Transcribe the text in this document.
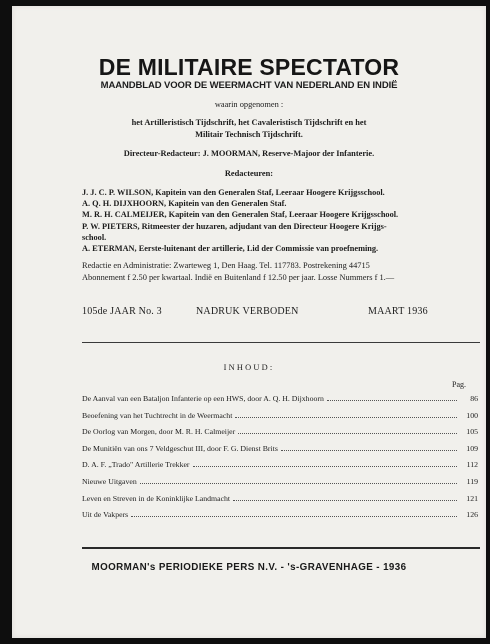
DE MILITAIRE SPECTATOR
MAANDBLAD VOOR DE WEERMACHT VAN NEDERLAND EN INDIË
waarin opgenomen :
het Artilleristisch Tijdschrift, het Cavaleristisch Tijdschrift en het
Militair Technisch Tijdschrift.
Directeur-Redacteur: J. MOORMAN, Reserve-Majoor der Infanterie.
Redacteuren:
J. J. C. P. WILSON, Kapitein van den Generalen Staf, Leeraar Hoogere Krijgsschool.
A. Q. H. DIJXHOORN, Kapitein van den Generalen Staf.
M. R. H. CALMEIJER, Kapitein van den Generalen Staf, Leeraar Hoogere Krijgsschool.
P. W. PIETERS, Ritmeester der huzaren, adjudant van den Directeur Hoogere Krijgs-
school.
A. ETERMAN, Eerste-luitenant der artillerie, Lid der Commissie van proefneming.
Redactie en Administratie: Zwarteweg 1, Den Haag. Tel. 117783. Postrekening 44715
Abonnement f 2.50 per kwartaal. Indië en Buitenland f 12.50 per jaar. Losse Nummers f 1.—
105de JAAR No. 3	NADRUK VERBODEN	MAART 1936
INHOUD:
Pag.
De Aanval van een Bataljon Infanterie op een HWS, door A. Q. H. Dijxhoorn	86
Beoefening van het Tuchtrecht in de Weermacht	100
De Oorlog van Morgen, door M. R. H. Calmeijer	105
De Munitiën van ons 7 Veldgeschut III, door F. G. Dienst Brits	109
D. A. F. „Trado" Artillerie Trekker	112
Nieuwe Uitgaven	119
Leven en Streven in de Koninklijke Landmacht	121
Uit de Vakpers	126
MOORMAN's PERIODIEKE PERS N.V. - 's-GRAVENHAGE - 1936
